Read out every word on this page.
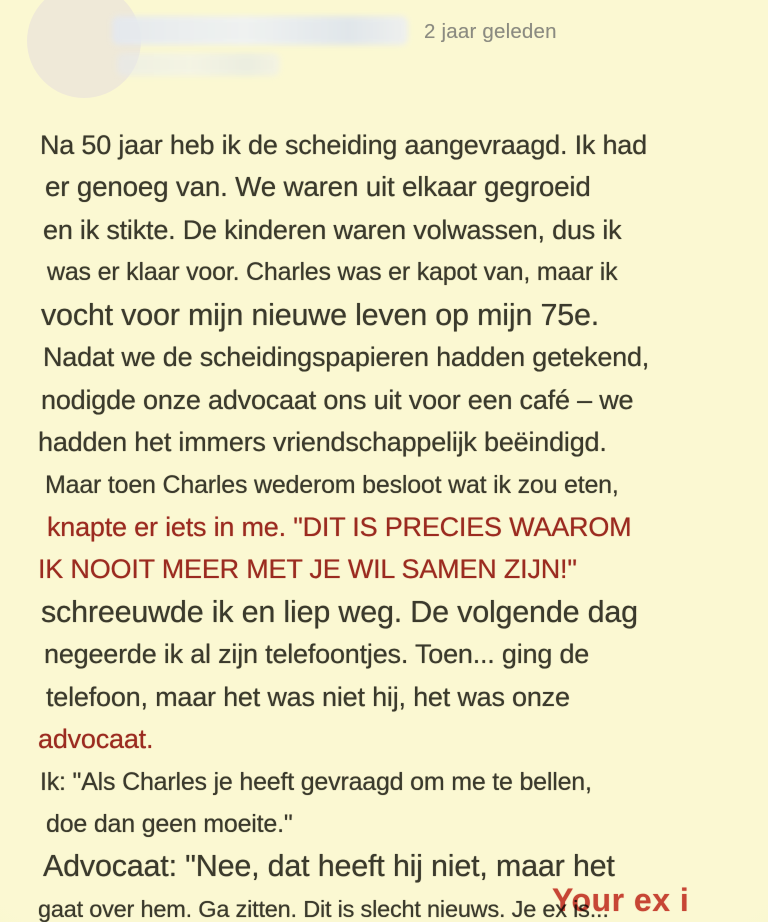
2 jaar geleden
Na 50 jaar heb ik de scheiding aangevraagd. Ik had
er genoeg van. We waren uit elkaar gegroeid
en ik stikte. De kinderen waren volwassen, dus ik
was er klaar voor. Charles was er kapot van, maar ik
vocht voor mijn nieuwe leven op mijn 75e.
Nadat we de scheidingspapieren hadden getekend,
nodigde onze advocaat ons uit voor een café – we
hadden het immers vriendschappelijk beëindigd.
Maar toen Charles wederom besloot wat ik zou eten,
knapte er iets in me. "DIT IS PRECIES WAAROM
IK NOOIT MEER MET JE WIL SAMEN ZIJN!"
schreeuwde ik en liep weg. De volgende dag
negeerde ik al zijn telefoontjes. Toen... ging de
telefoon, maar het was niet hij, het was onze
advocaat.
Ik: "Als Charles je heeft gevraagd om me te bellen,
doe dan geen moeite."
Advocaat: "Nee, dat heeft hij niet, maar het
gaat over hem. Ga zitten. Dit is slecht nieuws. Je ex is...
Your ex i
